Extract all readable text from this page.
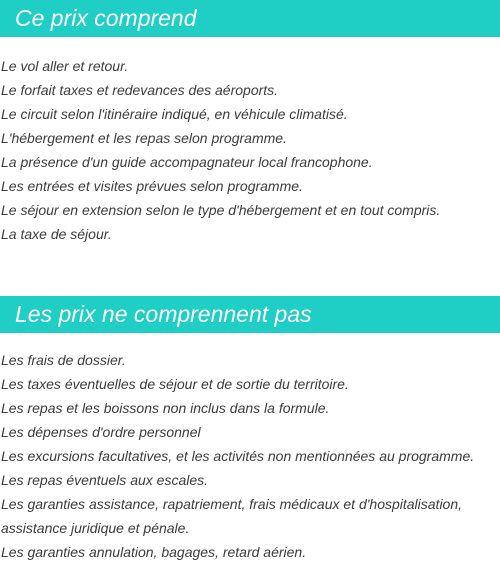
Ce prix comprend
Le vol aller et retour.
Le forfait taxes et redevances des aéroports.
Le circuit selon l'itinéraire indiqué, en véhicule climatisé.
L'hébergement et les repas selon programme.
La présence d'un guide accompagnateur local francophone.
Les entrées et visites prévues selon programme.
Le séjour en extension selon le type d'hébergement et en tout compris.
La taxe de séjour.
Les prix ne comprennent pas
Les frais de dossier.
Les taxes éventuelles de séjour et de sortie du territoire.
Les repas et les boissons non inclus dans la formule.
Les dépenses d'ordre personnel
Les excursions facultatives, et les activités non mentionnées au programme.
Les repas éventuels aux escales.
Les garanties assistance, rapatriement, frais médicaux et d'hospitalisation,
assistance juridique et pénale.
Les garanties annulation, bagages, retard aérien.
